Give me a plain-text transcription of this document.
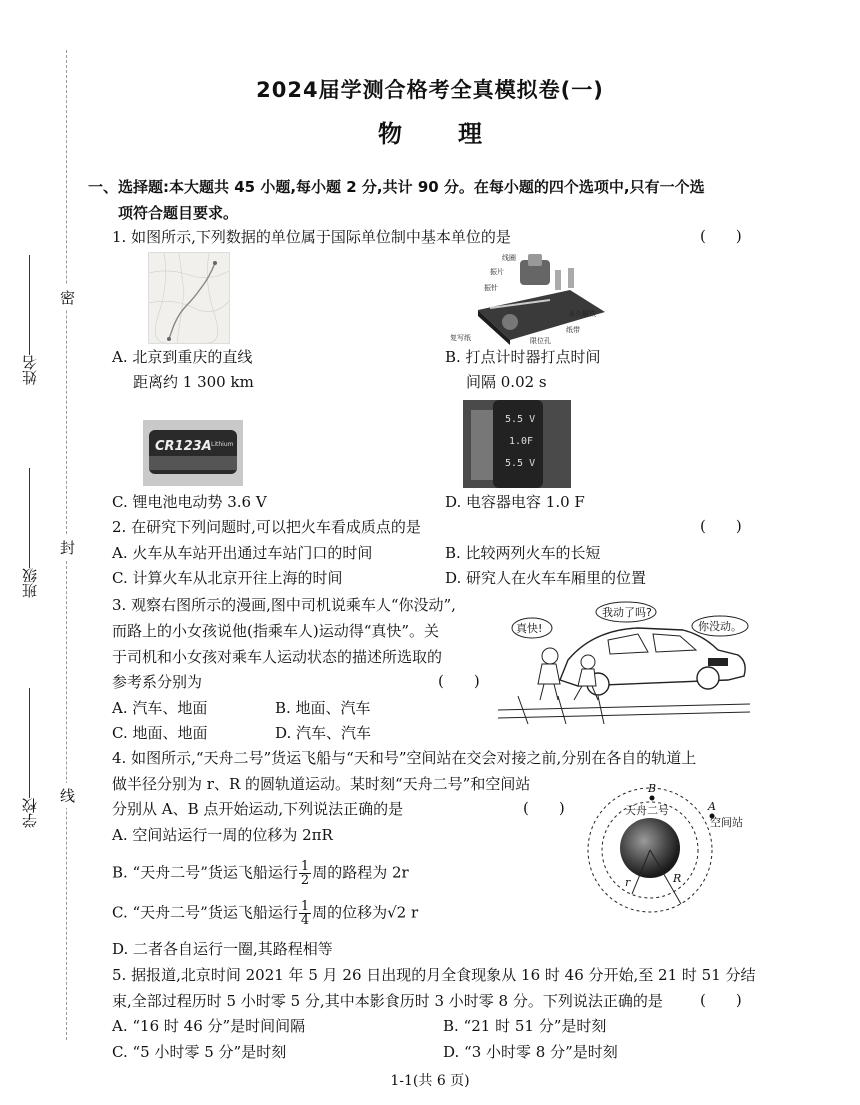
密
封
线
姓名
班级
学校
2024届学测合格考全真模拟卷(一)
物 理
一、选择题:本大题共 45 小题,每小题 2 分,共计 90 分。在每小题的四个选项中,只有一个选
项符合题目要求。
1. 如图所示,下列数据的单位属于国际单位制中基本单位的是	(　　)
A. 北京到重庆的直线
距离约 1 300 km
线圈
振片
振针
永久磁铁
纸带
复写纸	限位孔
B. 打点计时器打点时间
间隔 0.02 s
CR123A Lithium
C. 锂电池电动势 3.6 V
5.5 V
1.0F
5.5 V
D. 电容器电容 1.0 F
2. 在研究下列问题时,可以把火车看成质点的是	(　　)
A. 火车从车站开出通过车站门口的时间	B. 比较两列火车的长短
C. 计算火车从北京开往上海的时间	D. 研究人在火车车厢里的位置
3. 观察右图所示的漫画,图中司机说乘车人“你没动”,
而路上的小女孩说他(指乘车人)运动得“真快”。关
于司机和小女孩对乘车人运动状态的描述所选取的
参考系分别为	(　　)
A. 汽车、地面	B. 地面、汽车
C. 地面、地面	D. 汽车、汽车
我动了吗?
真快!	你没动。
4. 如图所示,“天舟二号”货运飞船与“天和号”空间站在交会对接之前,分别在各自的轨道上
做半径分别为 r、R 的圆轨道运动。某时刻“天舟二号”和空间站
分别从 A、B 点开始运动,下列说法正确的是	(　　)
A. 空间站运行一周的位移为 2πR
B. “天舟二号”货运飞船运行 $\frac{1}{2}$ 周的路程为 2r
C. “天舟二号”货运飞船运行 $\frac{1}{4}$ 周的位移为√2 r
D. 二者各自运行一圈,其路程相等
B
A
r	R
天舟二号
空间站
5. 据报道,北京时间 2021 年 5 月 26 日出现的月全食现象从 16 时 46 分开始,至 21 时 51 分结
束,全部过程历时 5 小时零 5 分,其中本影食历时 3 小时零 8 分。下列说法正确的是 (　　)
A. “16 时 46 分”是时间间隔	B. “21 时 51 分”是时刻
C. “5 小时零 5 分”是时刻	D. “3 小时零 8 分”是时刻
1-1(共 6 页)
